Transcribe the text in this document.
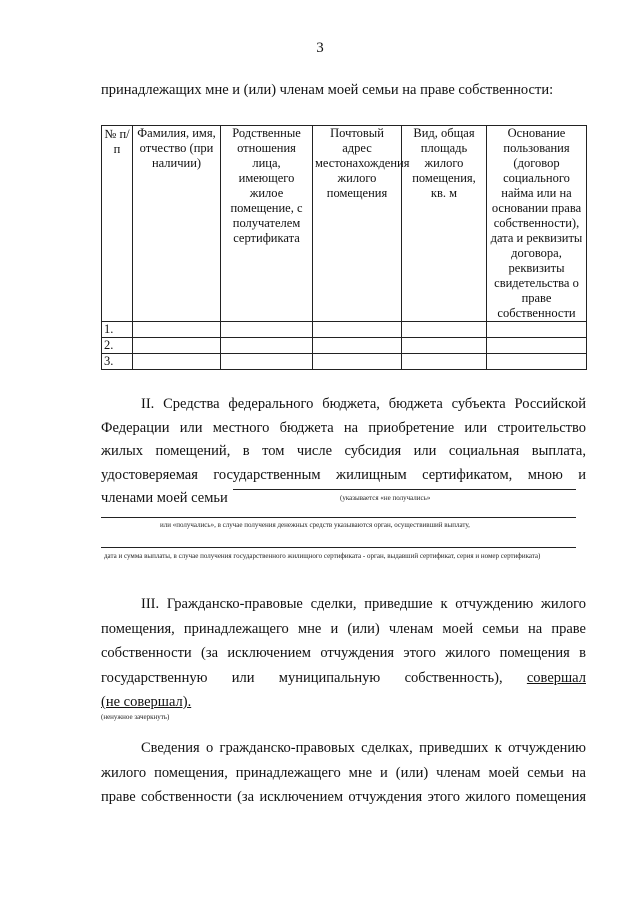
3
принадлежащих мне и (или) членам моей семьи на праве собственности:
№ п/п	Фамилия, имя, отчество (при наличии)	Родственные отношения лица, имеющего жилое помещение, с получателем сертификата	Почтовый адрес местонахождения жилого помещения	Вид, общая площадь жилого помещения, кв. м	Основание пользования (договор социального найма или на основании права собственности), дата и реквизиты договора, реквизиты свидетельства о праве собственности
1.					
2.					
3.					
II. Средства федерального бюджета, бюджета субъекта Российской
Федерации или местного бюджета на приобретение или строительство
жилых помещений, в том числе субсидия или социальная выплата,
удостоверяемая государственным жилищным сертификатом, мною и
членами моей семьи	(указывается «не получались»
или «получались», в случае получения денежных средств указываются орган, осуществивший выплату,
дата и сумма выплаты, в случае получения государственного жилищного сертификата - орган, выдавший сертификат, серия и номер сертификата)
III. Гражданско-правовые сделки, приведшие к отчуждению жилого
помещения, принадлежащего мне и (или) членам моей семьи на праве
собственности (за исключением отчуждения этого жилого помещения в
государственную или муниципальную собственность), совершал
(не совершал).
(ненужное зачеркнуть)
Сведения о гражданско-правовых сделках, приведших к отчуждению
жилого помещения, принадлежащего мне и (или) членам моей семьи на
праве собственности (за исключением отчуждения этого жилого помещения
